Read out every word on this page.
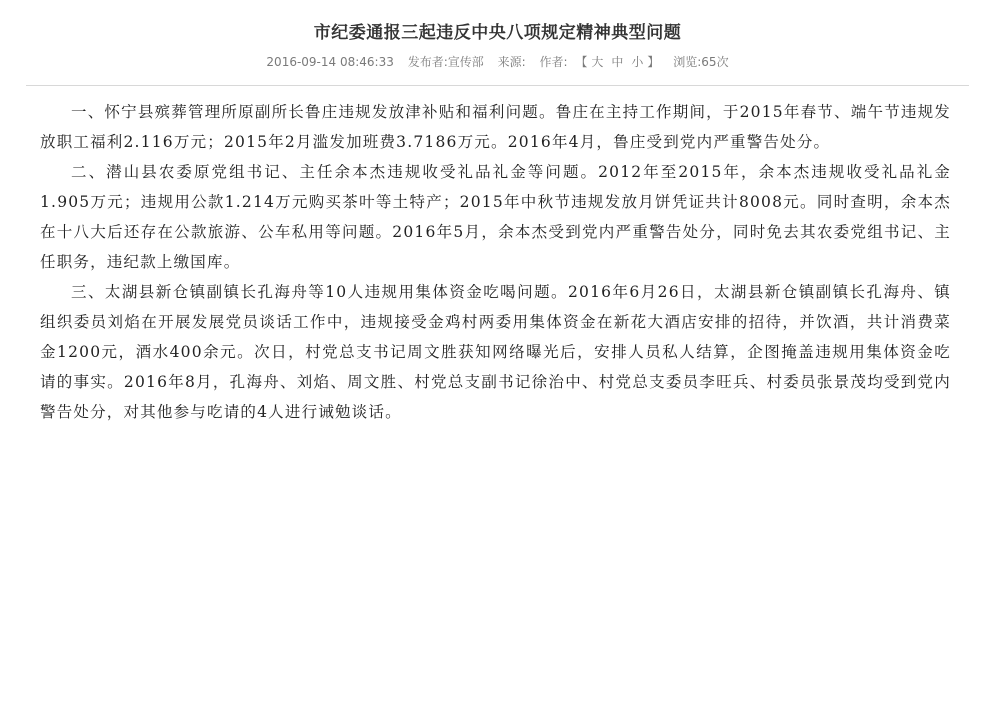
市纪委通报三起违反中央八项规定精神典型问题
2016-09-14 08:46:33 发布者:宣传部 来源: 作者: 【 大 中 小 】 浏览:65次

一、怀宁县殡葬管理所原副所长鲁庄违规发放津补贴和福利问题。鲁庄在主持工作期间，于2015年春节、端午节违规发放职工福利2.116万元；2015年2月滥发加班费3.7186万元。2016年4月，鲁庄受到党内严重警告处分。

二、潜山县农委原党组书记、主任余本杰违规收受礼品礼金等问题。2012年至2015年，余本杰违规收受礼品礼金1.905万元；违规用公款1.214万元购买茶叶等土特产；2015年中秋节违规发放月饼凭证共计8008元。同时查明，余本杰在十八大后还存在公款旅游、公车私用等问题。2016年5月，余本杰受到党内严重警告处分，同时免去其农委党组书记、主任职务，违纪款上缴国库。

三、太湖县新仓镇副镇长孔海舟等10人违规用集体资金吃喝问题。2016年6月26日，太湖县新仓镇副镇长孔海舟、镇组织委员刘焰在开展发展党员谈话工作中，违规接受金鸡村两委用集体资金在新花大酒店安排的招待，并饮酒，共计消费菜金1200元，酒水400余元。次日，村党总支书记周文胜获知网络曝光后，安排人员私人结算，企图掩盖违规用集体资金吃请的事实。2016年8月，孔海舟、刘焰、周文胜、村党总支副书记徐治中、村党总支委员李旺兵、村委员张景茂均受到党内警告处分，对其他参与吃请的4人进行诫勉谈话。
